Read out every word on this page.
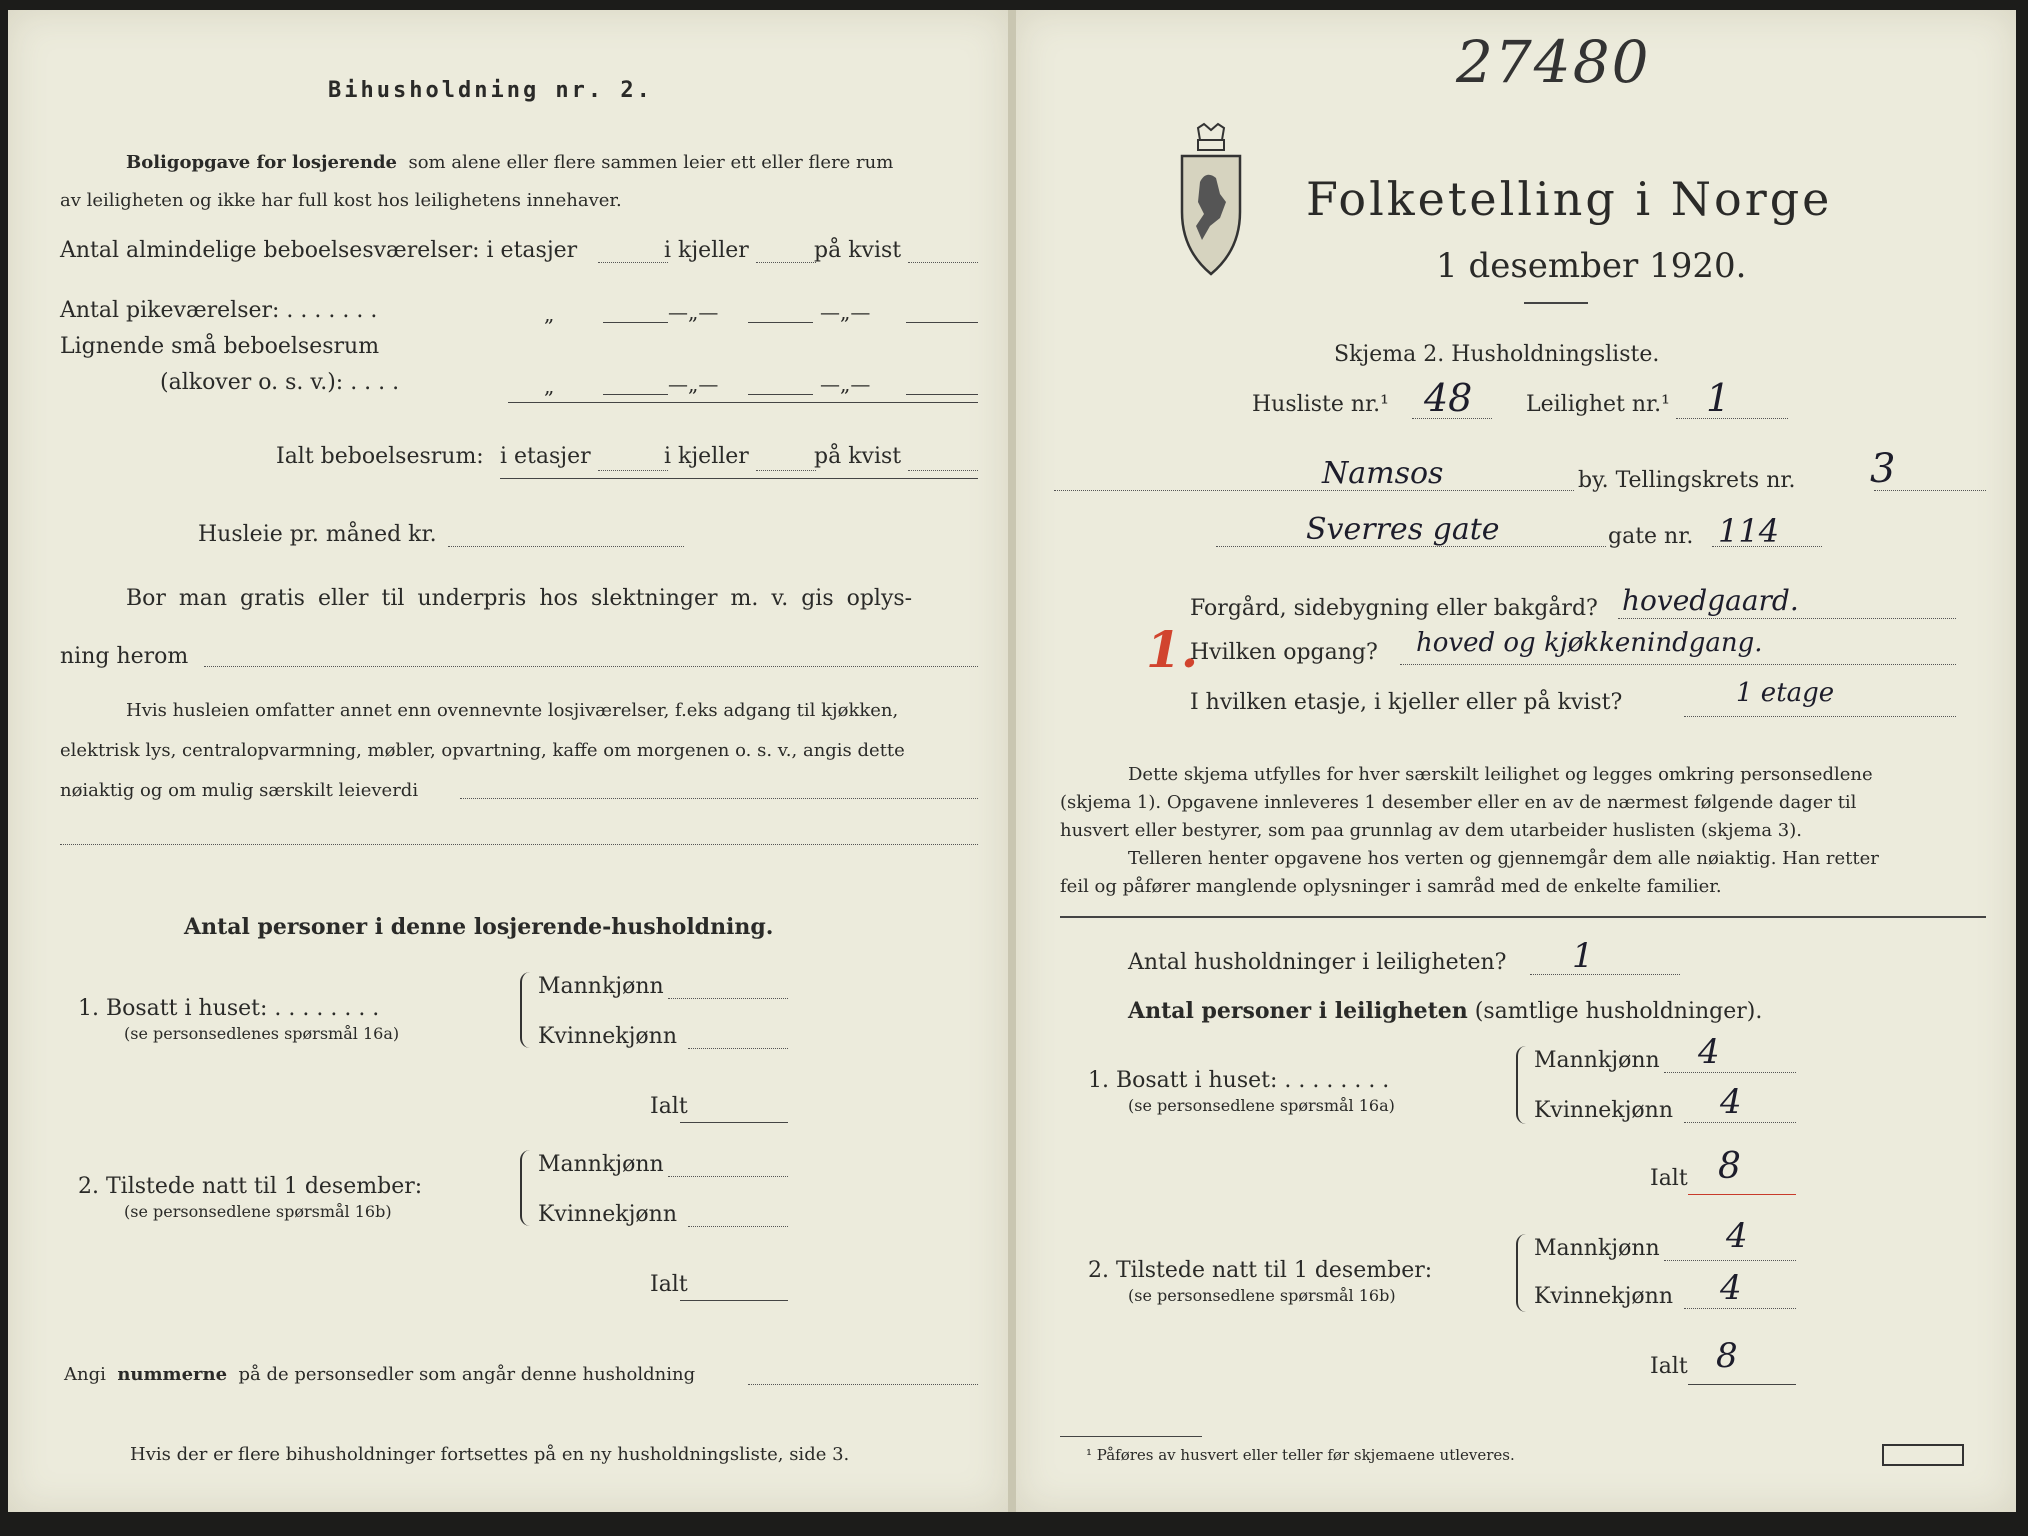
Bihusholdning nr. 2.
Boligopgave for losjerende som alene eller flere sammen leier ett eller flere rum
av leiligheten og ikke har full kost hos leilighetens innehaver.
Antal almindelige beboelsesværelser: i etasjer	i kjeller	på kvist
Antal pikeværelser: . . . . . . .	„	—„—	—„—
Lignende små beboelsesrum
(alkover o. s. v.): . . . .	„	—„—	—„—
Ialt beboelsesrum: i etasjer	i kjeller	på kvist
Husleie pr. måned kr.
Bor man gratis eller til underpris hos slektninger m. v. gis oplys-
ning herom
Hvis husleien omfatter annet enn ovennevnte losjiværelser, f.eks adgang til kjøkken,
elektrisk lys, centralopvarmning, møbler, opvartning, kaffe om morgenen o. s. v., angis dette
nøiaktig og om mulig særskilt leieverdi
Antal personer i denne losjerende-husholdning.
1. Bosatt i huset: . . . . . . . .
(se personsedlenes spørsmål 16a)
Mannkjønn
Kvinnekjønn
Ialt
2. Tilstede natt til 1 desember:
(se personsedlene spørsmål 16b)
Mannkjønn
Kvinnekjønn
Ialt
Angi nummerne på de personsedler som angår denne husholdning
Hvis der er flere bihusholdninger fortsettes på en ny husholdningsliste, side 3.
27480
Folketelling i Norge
1 desember 1920.
Skjema 2. Husholdningsliste.
Husliste nr.¹ 48 Leilighet nr.¹ 1
Namsos	by. Tellingskrets nr. 3
Sverres gate	gate nr. 114
Forgård, sidebygning eller bakgård? hovedgaard.
1.
Hvilken opgang? hoved og kjøkkenindgang.
I hvilken etasje, i kjeller eller på kvist?	1 etage
Dette skjema utfylles for hver særskilt leilighet og legges omkring personsedlene
(skjema 1). Opgavene innleveres 1 desember eller en av de nærmest følgende dager til
husvert eller bestyrer, som paa grunnlag av dem utarbeider huslisten (skjema 3).
Telleren henter opgavene hos verten og gjennemgår dem alle nøiaktig. Han retter
feil og påfører manglende oplysninger i samråd med de enkelte familier.
Antal husholdninger i leiligheten? 1
Antal personer i leiligheten (samtlige husholdninger).
1. Bosatt i huset: . . . . . . . .
(se personsedlene spørsmål 16a)
Mannkjønn 4
Kvinnekjønn 4
Ialt 8
2. Tilstede natt til 1 desember:
(se personsedlene spørsmål 16b)
Mannkjønn 4
Kvinnekjønn 4
Ialt 8
¹ Påføres av husvert eller teller før skjemaene utleveres.
